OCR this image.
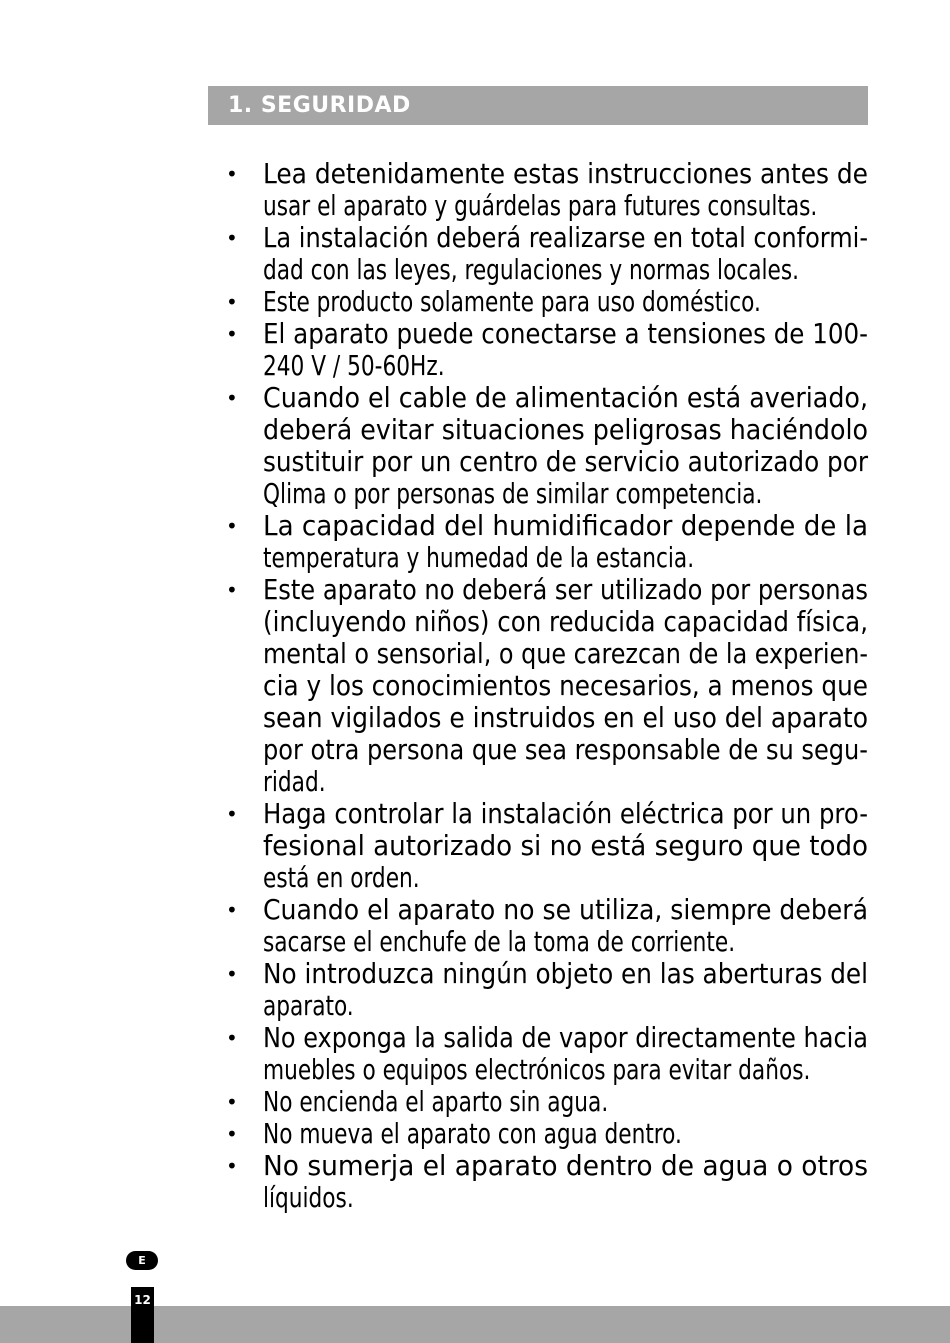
1. SEGURIDAD
• Lea detenidamente estas instrucciones antes de
usar el aparato y guárdelas para futures consultas.
• La instalación deberá realizarse en total conformi-
dad con las leyes, regulaciones y normas locales.
• Este producto solamente para uso doméstico.
• El aparato puede conectarse a tensiones de 100-
240 V / 50-60Hz.
• Cuando el cable de alimentación está averiado,
deberá evitar situaciones peligrosas haciéndolo
sustituir por un centro de servicio autorizado por
Qlima o por personas de similar competencia.
• La capacidad del humidificador depende de la
temperatura y humedad de la estancia.
• Este aparato no deberá ser utilizado por personas
(incluyendo niños) con reducida capacidad física,
mental o sensorial, o que carezcan de la experien-
cia y los conocimientos necesarios, a menos que
sean vigilados e instruidos en el uso del aparato
por otra persona que sea responsable de su segu-
ridad.
• Haga controlar la instalación eléctrica por un pro-
fesional autorizado si no está seguro que todo
está en orden.
• Cuando el aparato no se utiliza, siempre deberá
sacarse el enchufe de la toma de corriente.
• No introduzca ningún objeto en las aberturas del
aparato.
• No exponga la salida de vapor directamente hacia
muebles o equipos electrónicos para evitar daños.
• No encienda el aparto sin agua.
• No mueva el aparato con agua dentro.
• No sumerja el aparato dentro de agua o otros
líquidos.
E
12
